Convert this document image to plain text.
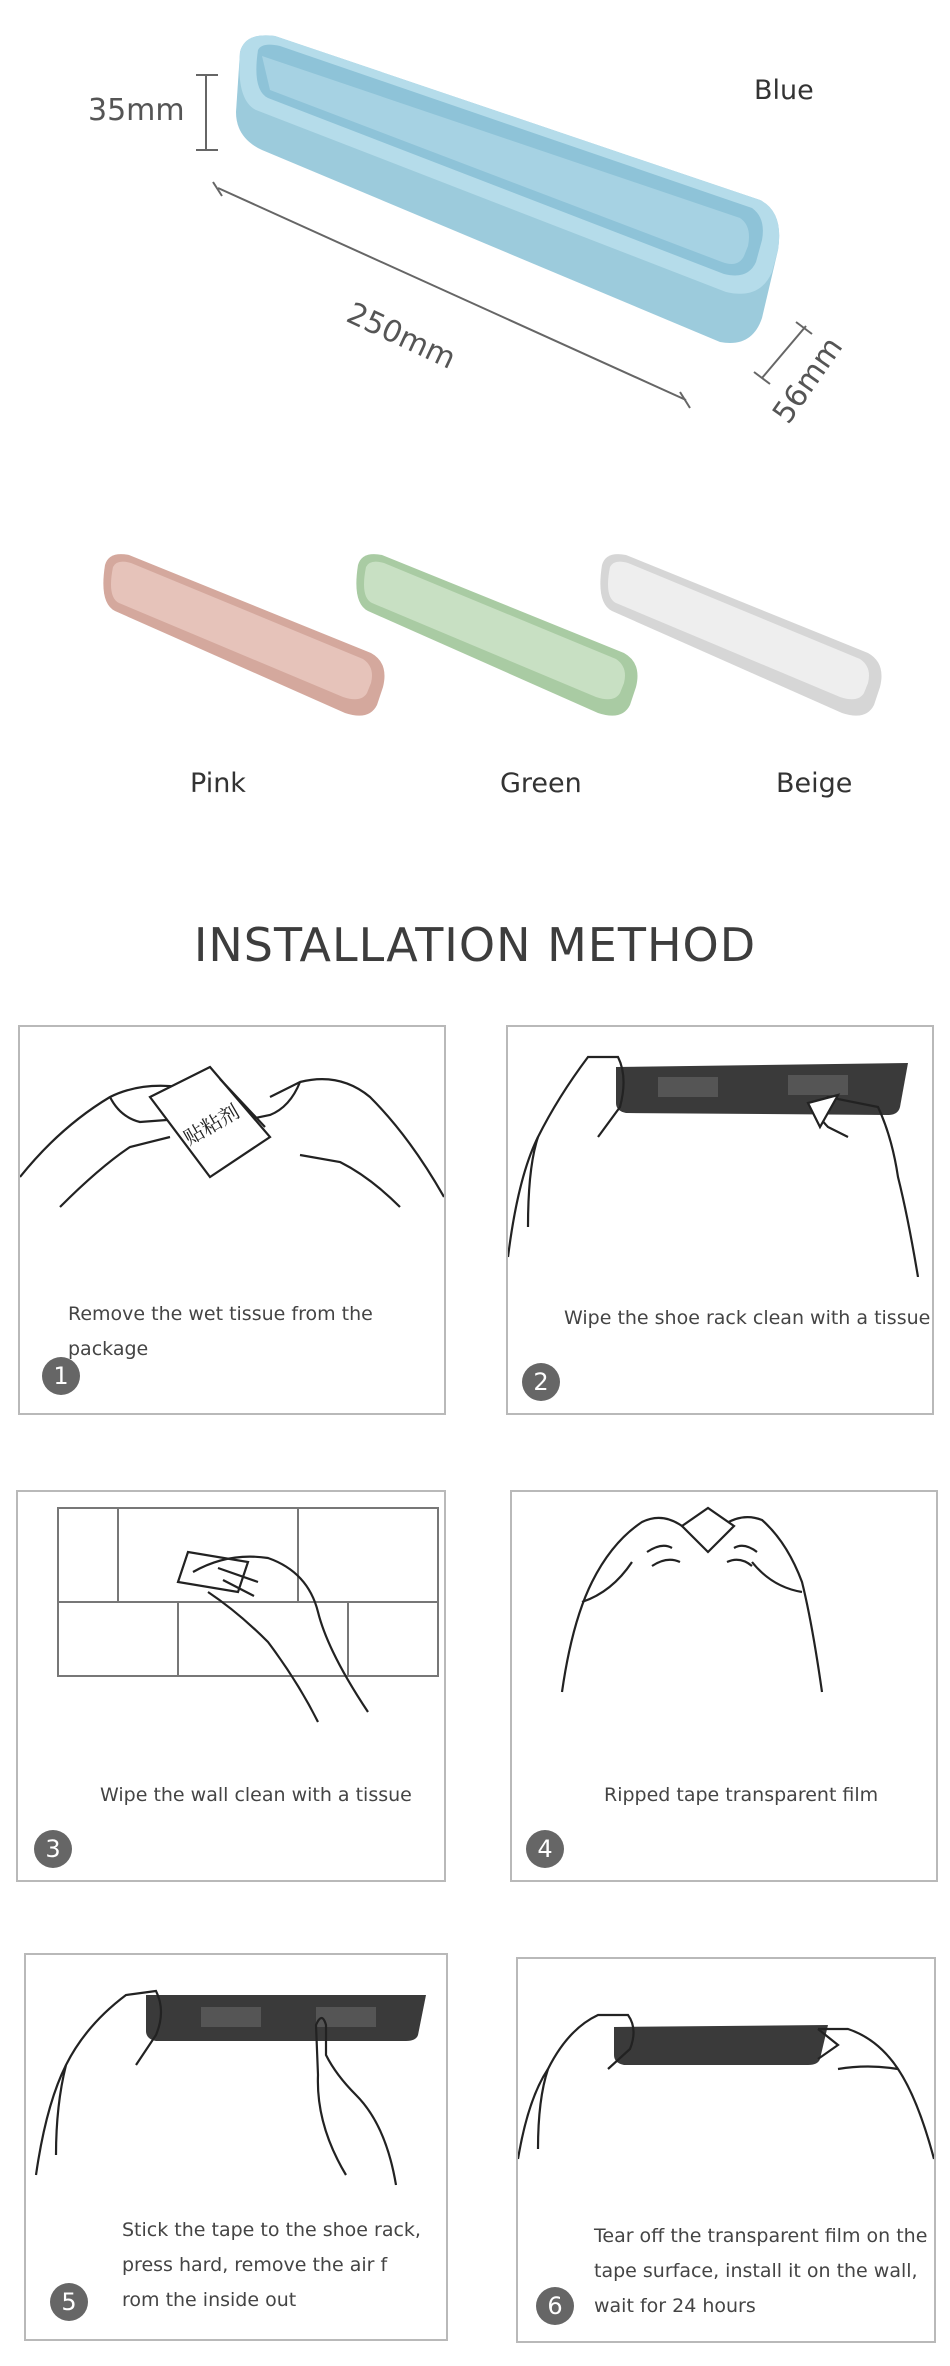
35mm
250mm	56mm
Blue
Pink	Green	Beige
INSTALLATION METHOD
贴粘剂
Remove the wet tissue from the package
1
Wipe the shoe rack clean with a tissue
2
Wipe the wall clean with a tissue
3
Ripped tape transparent film
4
Stick the tape to the shoe rack,
press hard, remove the air f
rom the inside out
5
Tear off the transparent film on the
tape surface, install it on the wall,
wait for 24 hours
6
